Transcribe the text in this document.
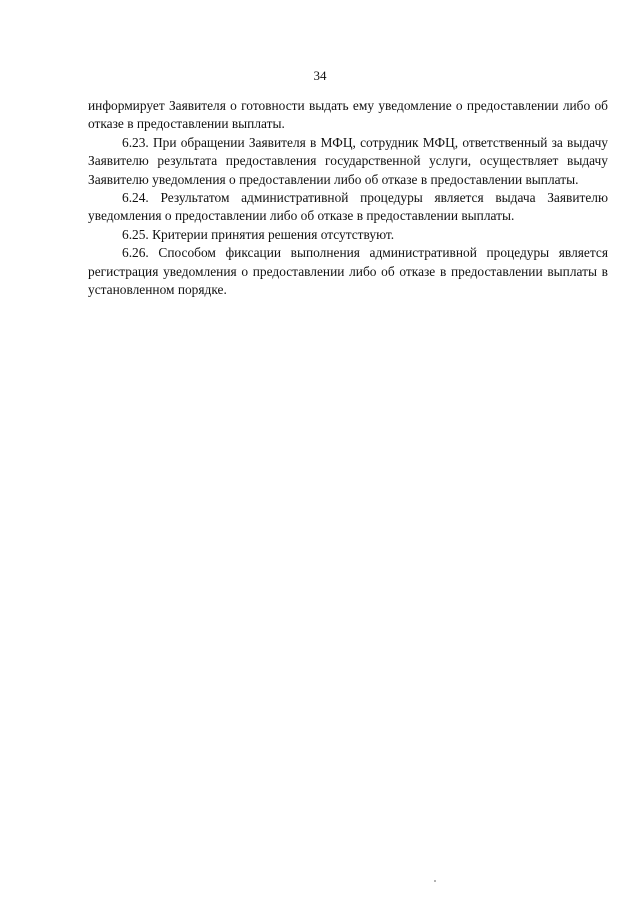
34

информирует Заявителя о готовности выдать ему уведомление о предоставлении либо об отказе в предоставлении выплаты.

6.23. При обращении Заявителя в МФЦ, сотрудник МФЦ, ответственный за выдачу Заявителю результата предоставления государственной услуги, осуществляет выдачу Заявителю уведомления о предоставлении либо об отказе в предоставлении выплаты.

6.24. Результатом административной процедуры является выдача Заявителю уведомления о предоставлении либо об отказе в предоставлении выплаты.

6.25. Критерии принятия решения отсутствуют.

6.26. Способом фиксации выполнения административной процедуры является регистрация уведомления о предоставлении либо об отказе в предоставлении выплаты в установленном порядке.
